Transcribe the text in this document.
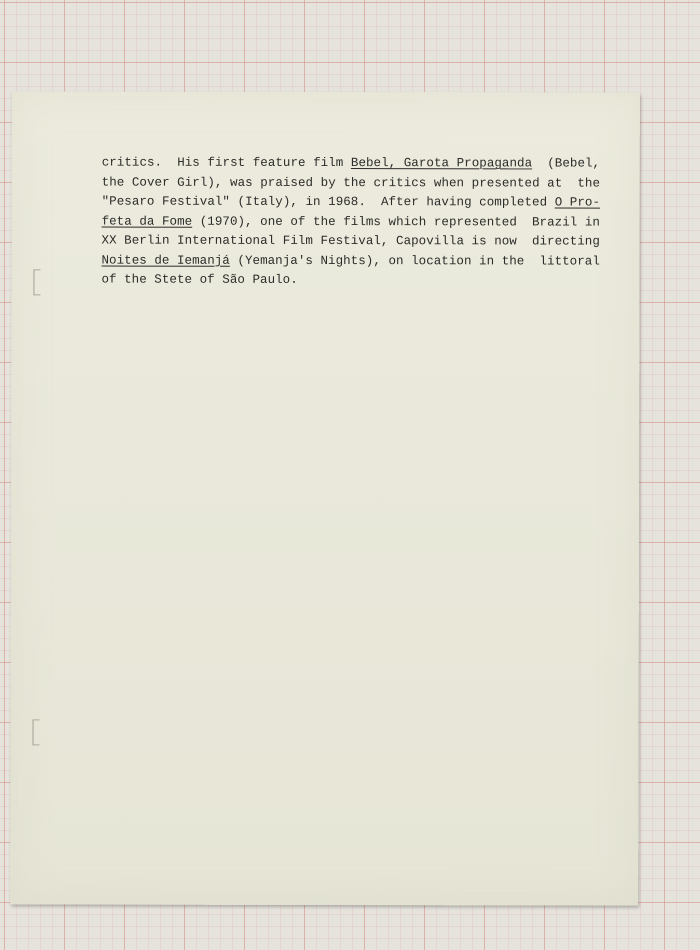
critics.  His first feature film Bebel, Garota Propaganda  (Bebel,
the Cover Girl), was praised by the critics when presented at  the
"Pesaro Festival" (Italy), in 1968.  After having completed O Pro-
feta da Fome (1970), one of the films which represented  Brazil in
XX Berlin International Film Festival, Capovilla is now  directing
Noites de Iemanjá (Yemanja's Nights), on location in the  littoral
of the Stete of São Paulo.
